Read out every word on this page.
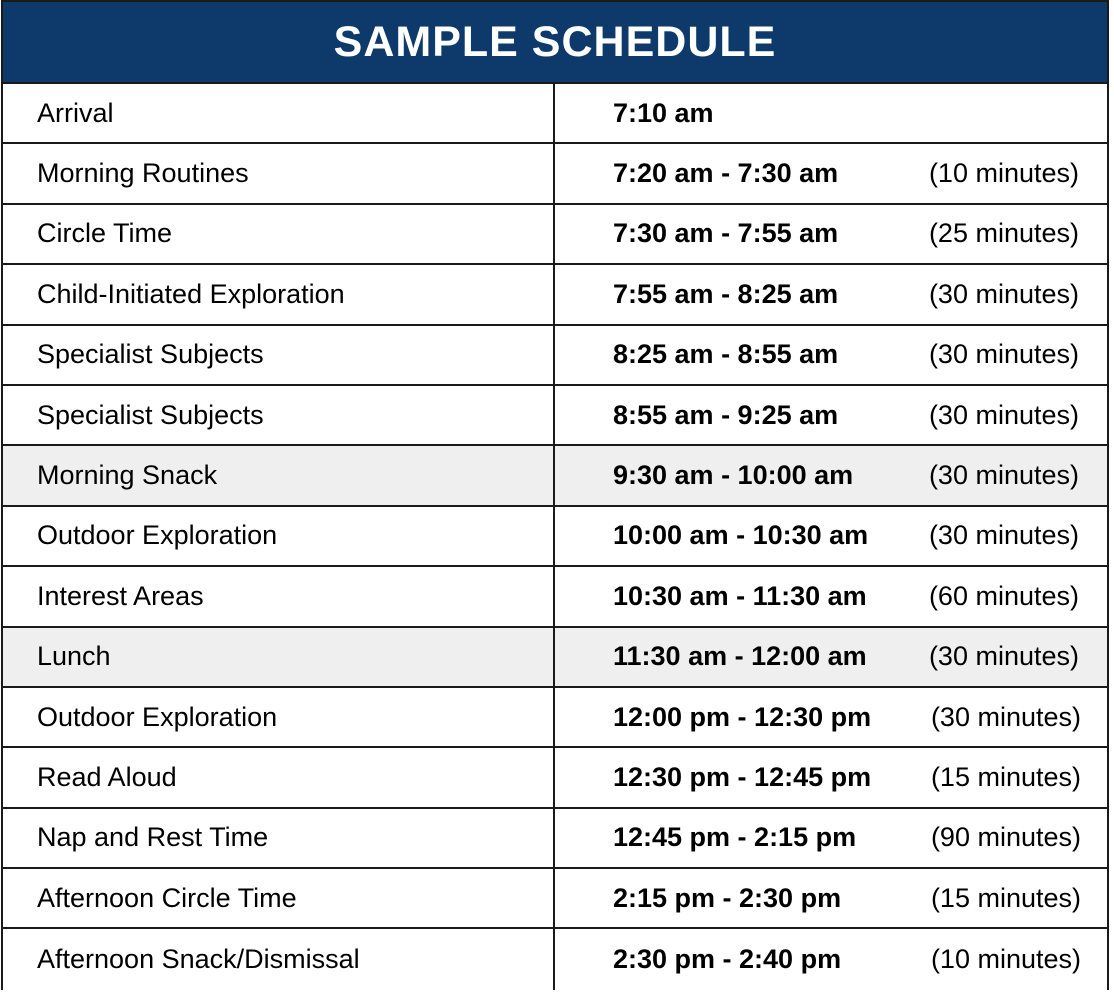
SAMPLE SCHEDULE
Arrival	7:10 am
Morning Routines	7:20 am - 7:30 am	(10 minutes)
Circle Time	7:30 am - 7:55 am	(25 minutes)
Child-Initiated Exploration	7:55 am - 8:25 am	(30 minutes)
Specialist Subjects	8:25 am - 8:55 am	(30 minutes)
Specialist Subjects	8:55 am - 9:25 am	(30 minutes)
Morning Snack	9:30 am - 10:00 am	(30 minutes)
Outdoor Exploration	10:00 am - 10:30 am (30 minutes)
Interest Areas	10:30 am - 11:30 am (60 minutes)
Lunch	11:30 am - 12:00 am (30 minutes)
Outdoor Exploration	12:00 pm - 12:30 pm (30 minutes)
Read Aloud	12:30 pm - 12:45 pm (15 minutes)
Nap and Rest Time	12:45 pm - 2:15 pm	(90 minutes)
Afternoon Circle Time	2:15 pm - 2:30 pm	(15 minutes)
Afternoon Snack/Dismissal	2:30 pm - 2:40 pm	(10 minutes)
